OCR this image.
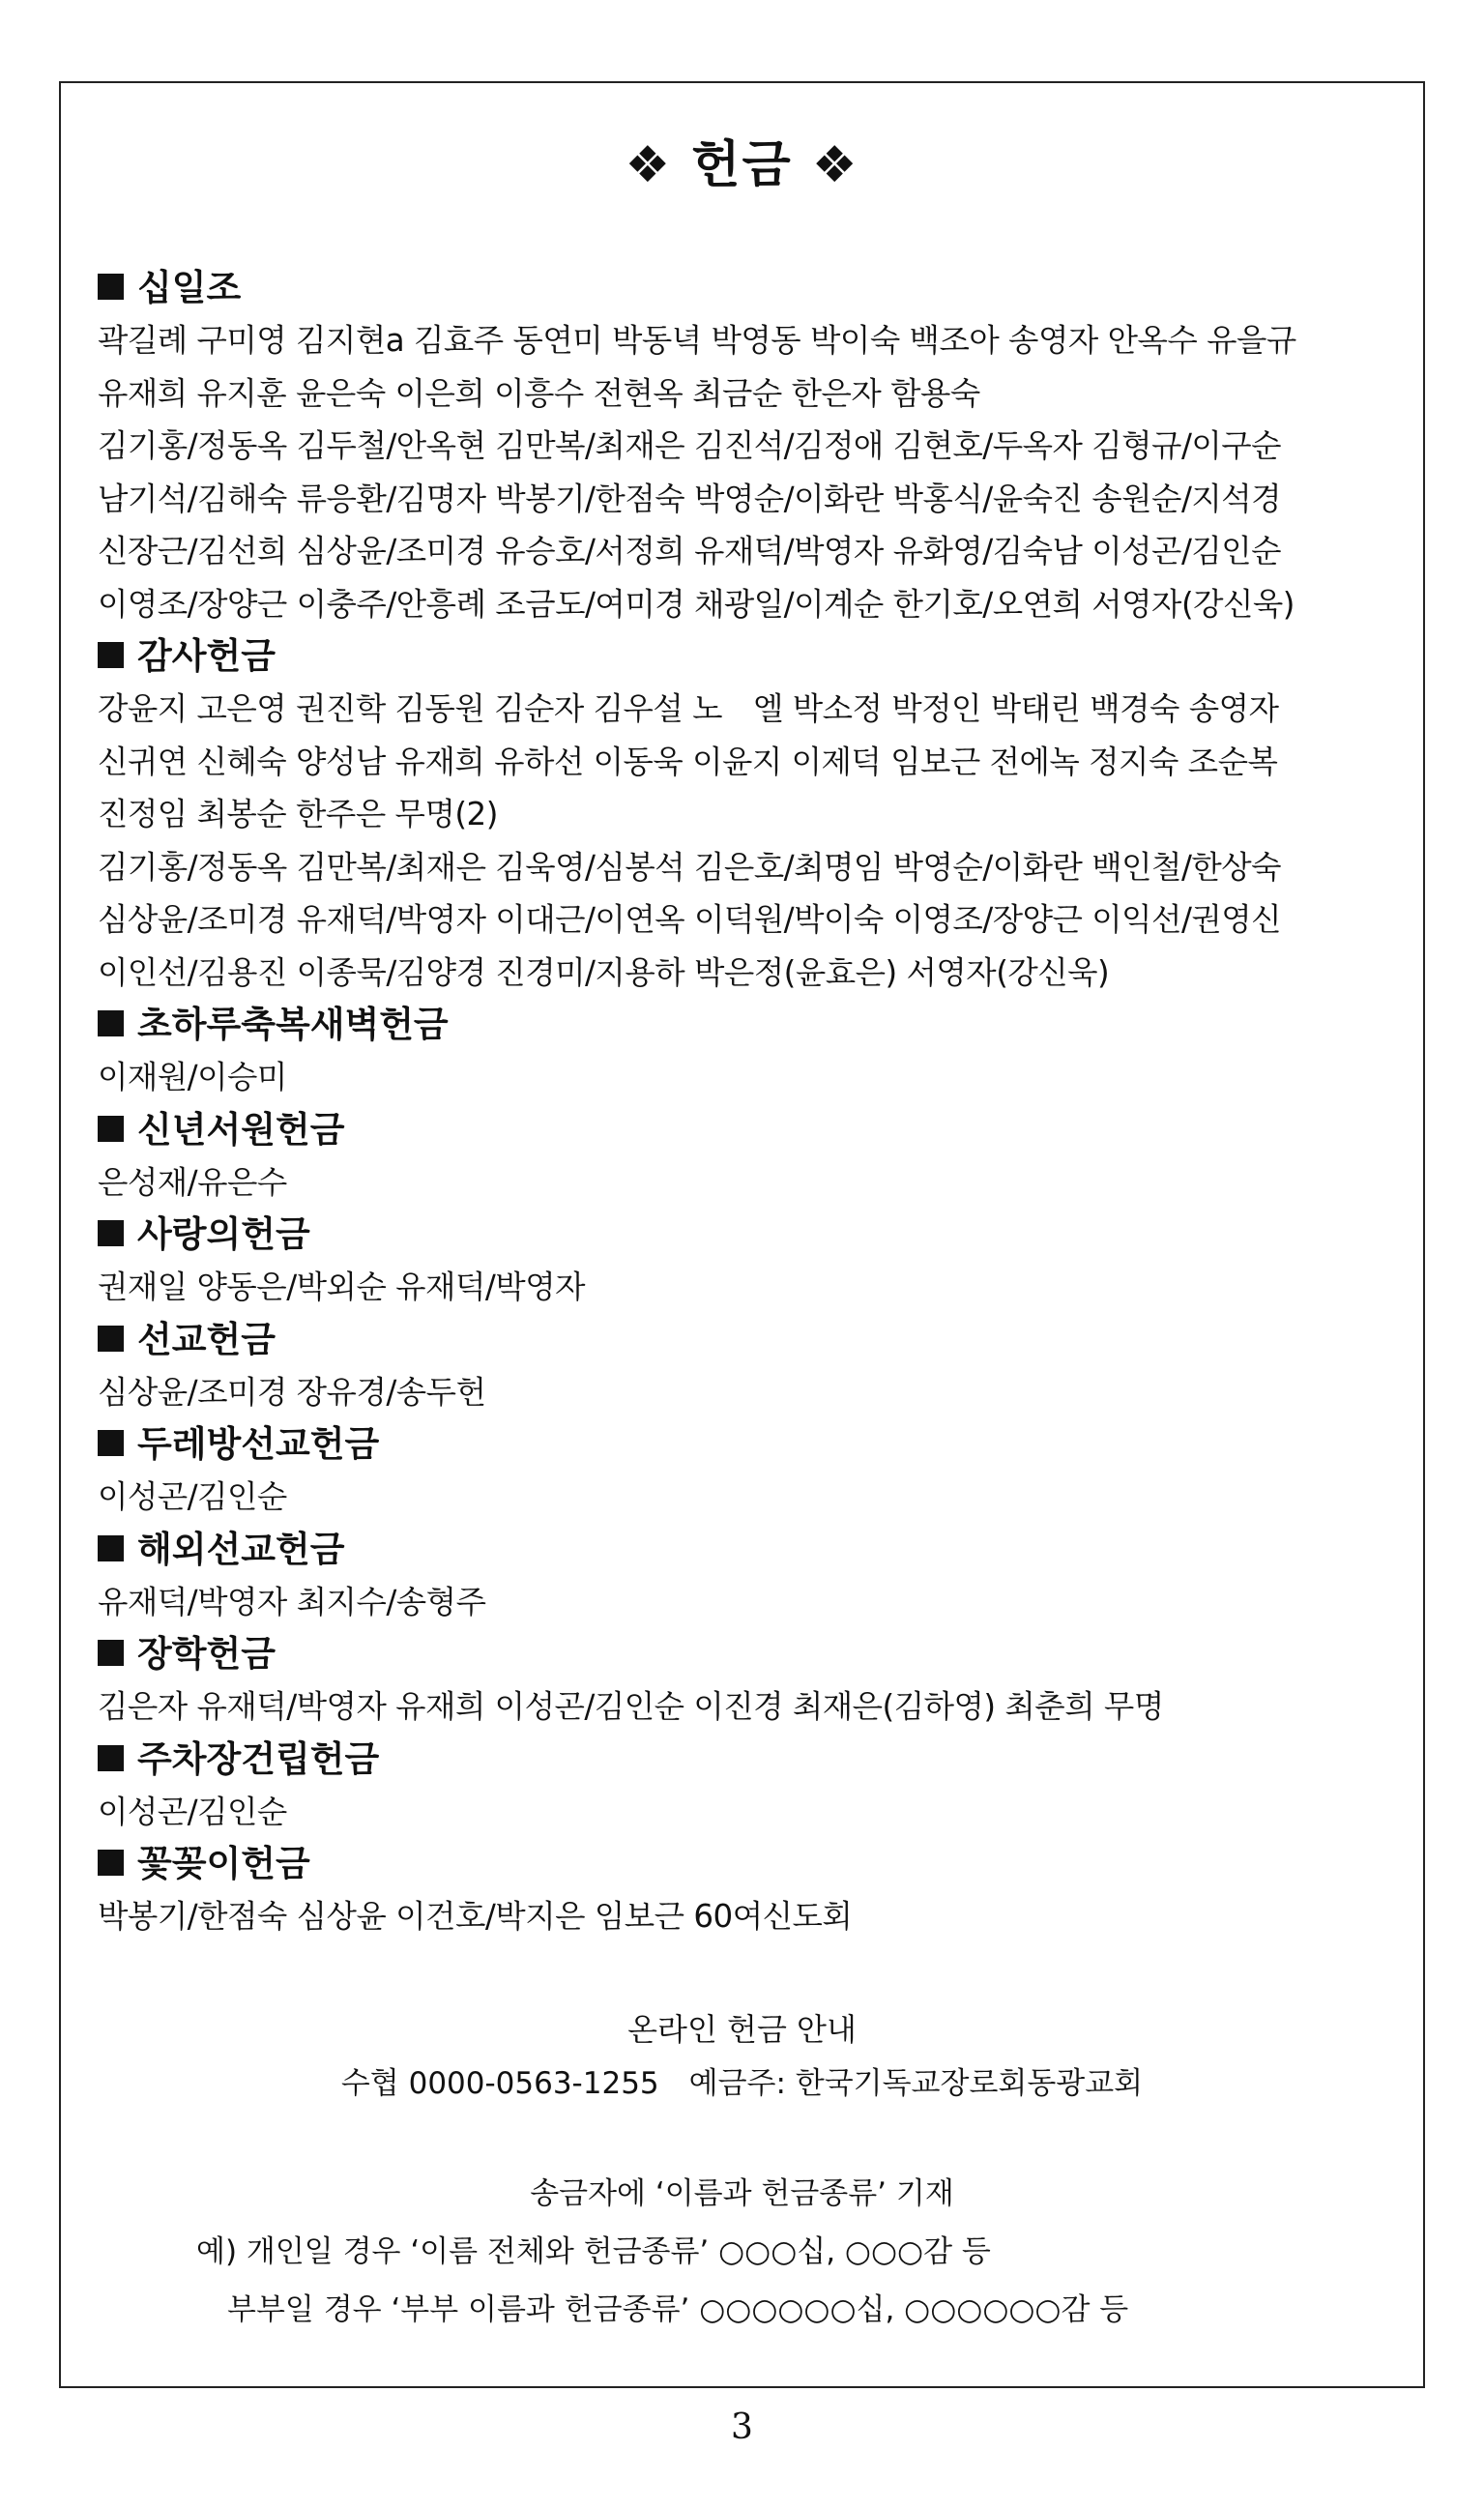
❖ 헌금 ❖
십일조
곽길례 구미영 김지현a 김효주 동연미 박동녁 박영동 박이숙 백조아 송영자 안옥수 유을규
유재희 유지훈 윤은숙 이은희 이흥수 전현옥 최금순 한은자 함용숙
김기홍/정동옥 김두철/안옥현 김만복/최재은 김진석/김정애 김현호/두옥자 김형규/이구순
남기석/김해숙 류응환/김명자 박봉기/한점숙 박영순/이화란 박홍식/윤숙진 송원순/지석경
신장근/김선희 심상윤/조미경 유승호/서정희 유재덕/박영자 유화영/김숙남 이성곤/김인순
이영조/장양근 이충주/안흥례 조금도/여미경 채광일/이계순 한기호/오연희 서영자(강신욱)
감사헌금
강윤지 고은영 권진학 김동원 김순자 김우설 노　엘 박소정 박정인 박태린 백경숙 송영자
신귀연 신혜숙 양성남 유재희 유하선 이동욱 이윤지 이제덕 임보근 전에녹 정지숙 조순복
진정임 최봉순 한주은 무명(2)
김기홍/정동옥 김만복/최재은 김욱영/심봉석 김은호/최명임 박영순/이화란 백인철/한상숙
심상윤/조미경 유재덕/박영자 이대근/이연옥 이덕원/박이숙 이영조/장양근 이익선/권영신
이인선/김용진 이종묵/김양경 진경미/지용하 박은정(윤효은) 서영자(강신욱)
초하루축복새벽헌금
이재원/이승미
신년서원헌금
은성재/유은수
사랑의헌금
권재일 양동은/박외순 유재덕/박영자
선교헌금
심상윤/조미경 장유경/송두헌
두레방선교헌금
이성곤/김인순
해외선교헌금
유재덕/박영자 최지수/송형주
장학헌금
김은자 유재덕/박영자 유재희 이성곤/김인순 이진경 최재은(김하영) 최춘희 무명
주차장건립헌금
이성곤/김인순
꽃꽂이헌금
박봉기/한점숙 심상윤 이건호/박지은 임보근 60여신도회
온라인 헌금 안내
수협 0000-0563-1255　예금주: 한국기독교장로회동광교회
송금자에 ‘이름과 헌금종류’ 기재
예) 개인일 경우 ‘이름 전체와 헌금종류’ ○○○십, ○○○감 등
부부일 경우 ‘부부 이름과 헌금종류’ ○○○○○○십, ○○○○○○감 등
3
